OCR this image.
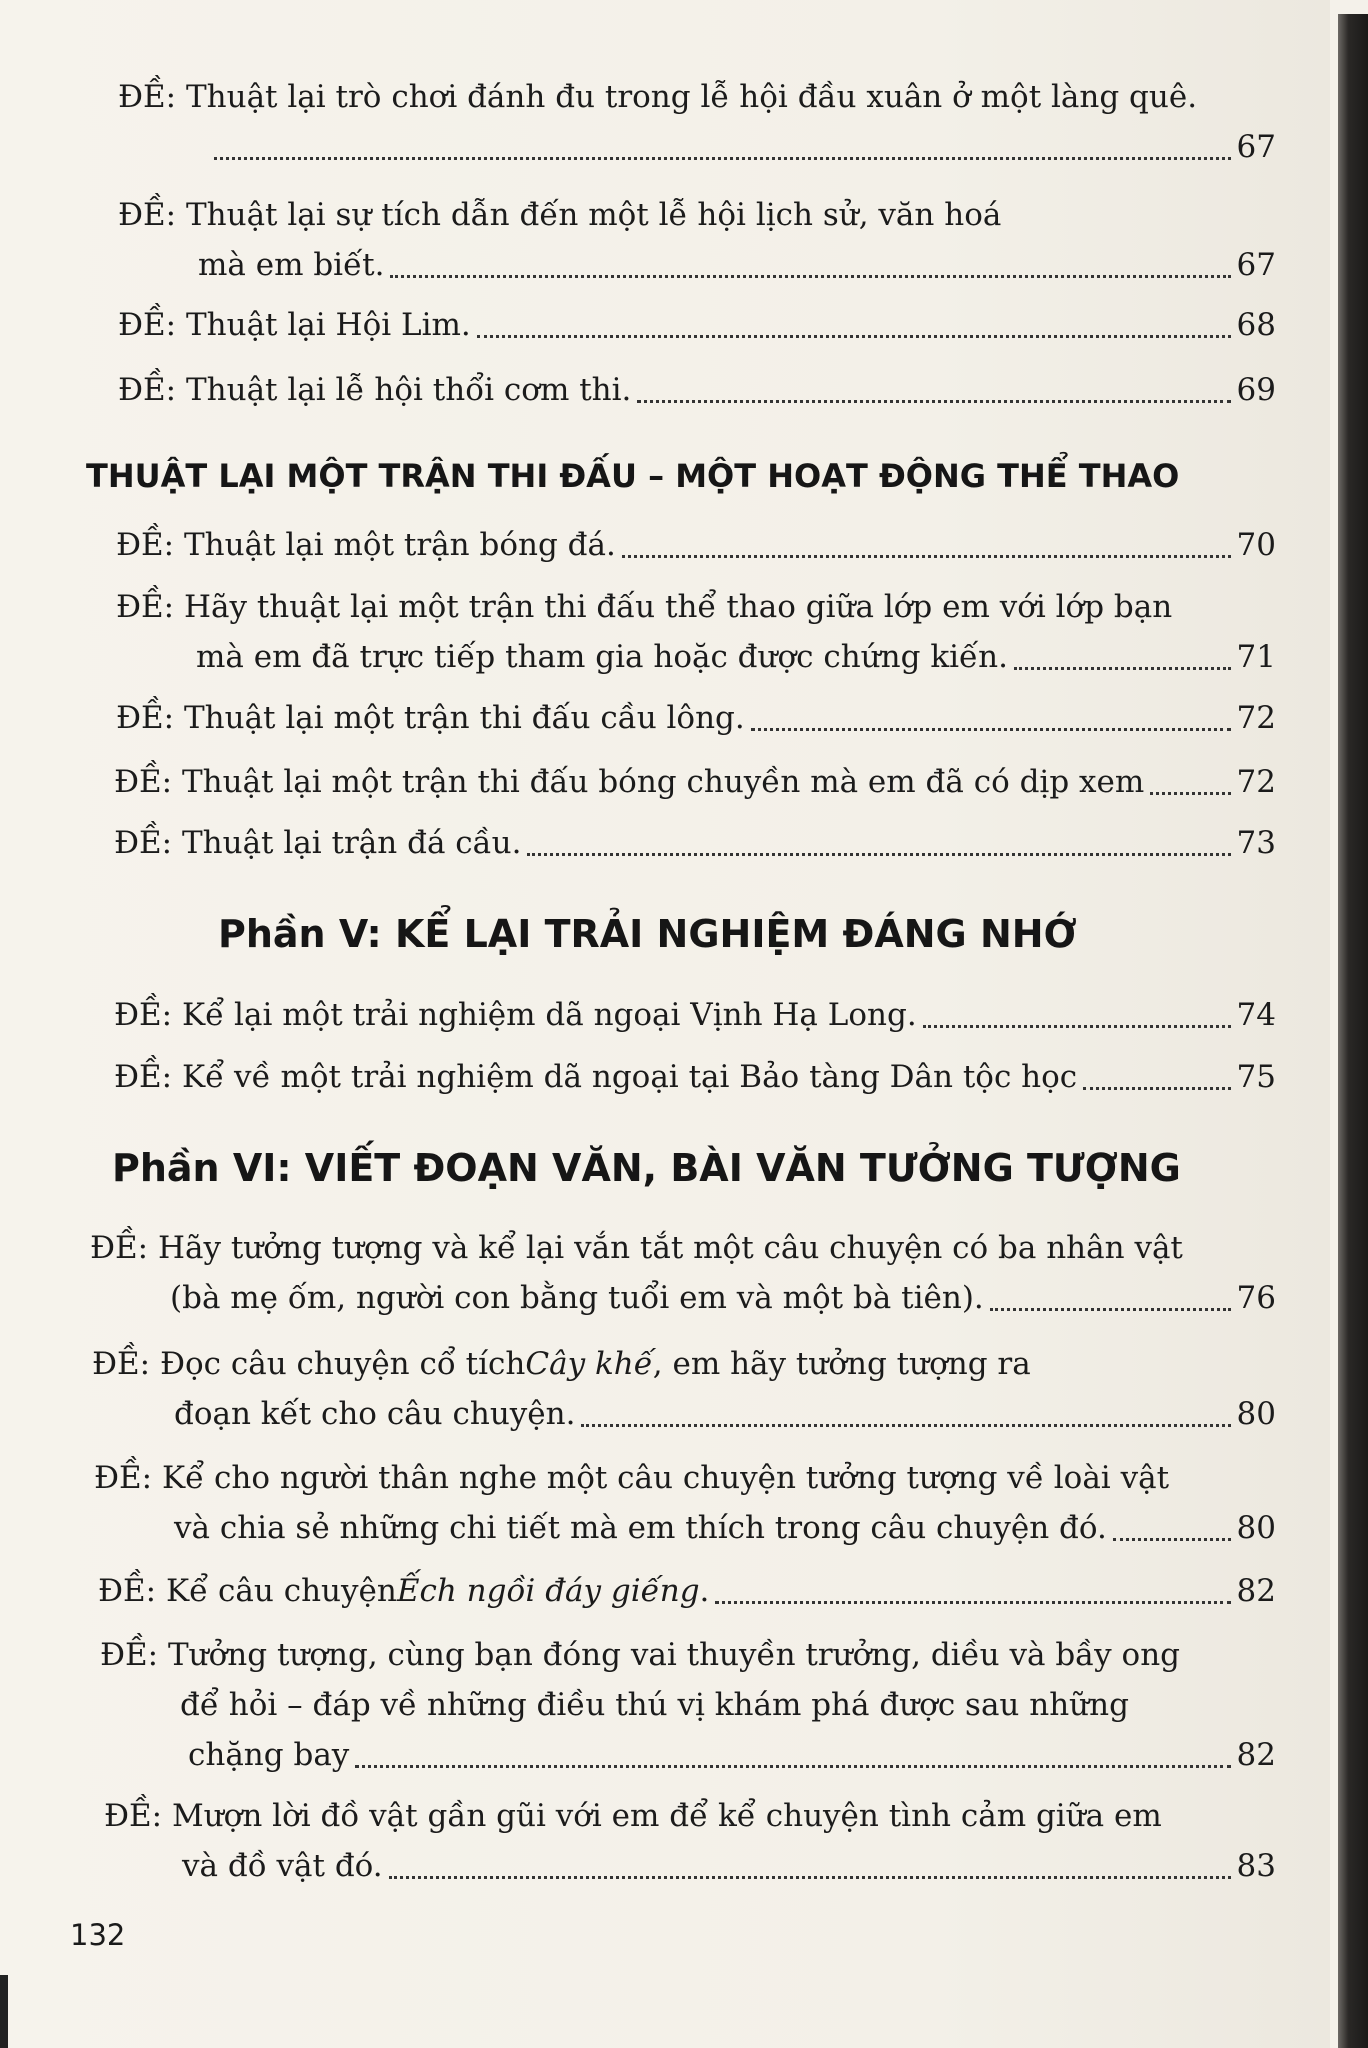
ĐỀ:
Thuật lại trò chơi đánh đu trong lễ hội đầu xuân ở một làng quê.
67
ĐỀ:
Thuật lại sự tích dẫn đến một lễ hội lịch sử, văn hoá
mà em biết.	67
ĐỀ:
Thuật lại Hội Lim.	68
ĐỀ:
Thuật lại lễ hội thổi cơm thi.	69
THUẬT LẠI MỘT TRẬN THI ĐẤU – MỘT HOẠT ĐỘNG THỂ THAO
ĐỀ:
Thuật lại một trận bóng đá.	70
ĐỀ:
Hãy thuật lại một trận thi đấu thể thao giữa lớp em với lớp bạn
mà em đã trực tiếp tham gia hoặc được chứng kiến.	71
ĐỀ:
Thuật lại một trận thi đấu cầu lông.	72
ĐỀ:
Thuật lại một trận thi đấu bóng chuyền mà em đã có dịp xem	72
ĐỀ:
Thuật lại trận đá cầu.	73
Phần V: KỂ LẠI TRẢI NGHIỆM ĐÁNG NHỚ
ĐỀ:
Kể lại một trải nghiệm dã ngoại Vịnh Hạ Long.	74
ĐỀ:
Kể về một trải nghiệm dã ngoại tại Bảo tàng Dân tộc học	75
Phần VI: VIẾT ĐOẠN VĂN, BÀI VĂN TƯỞNG TƯỢNG
ĐỀ:
Hãy tưởng tượng và kể lại vắn tắt một câu chuyện có ba nhân vật
(bà mẹ ốm, người con bằng tuổi em và một bà tiên).	76
ĐỀ:
Đọc câu chuyện cổ tích Cây khế , em hãy tưởng tượng ra
đoạn kết cho câu chuyện.	80
ĐỀ:
Kể cho người thân nghe một câu chuyện tưởng tượng về loài vật
và chia sẻ những chi tiết mà em thích trong câu chuyện đó.	80
ĐỀ:
Kể câu chuyện Ếch ngồi đáy giếng .	82
ĐỀ:
Tưởng tượng, cùng bạn đóng vai thuyền trưởng, diều và bầy ong
để hỏi – đáp về những điều thú vị khám phá được sau những
chặng bay	82
ĐỀ:
Mượn lời đồ vật gần gũi với em để kể chuyện tình cảm giữa em
và đồ vật đó.	83
132
